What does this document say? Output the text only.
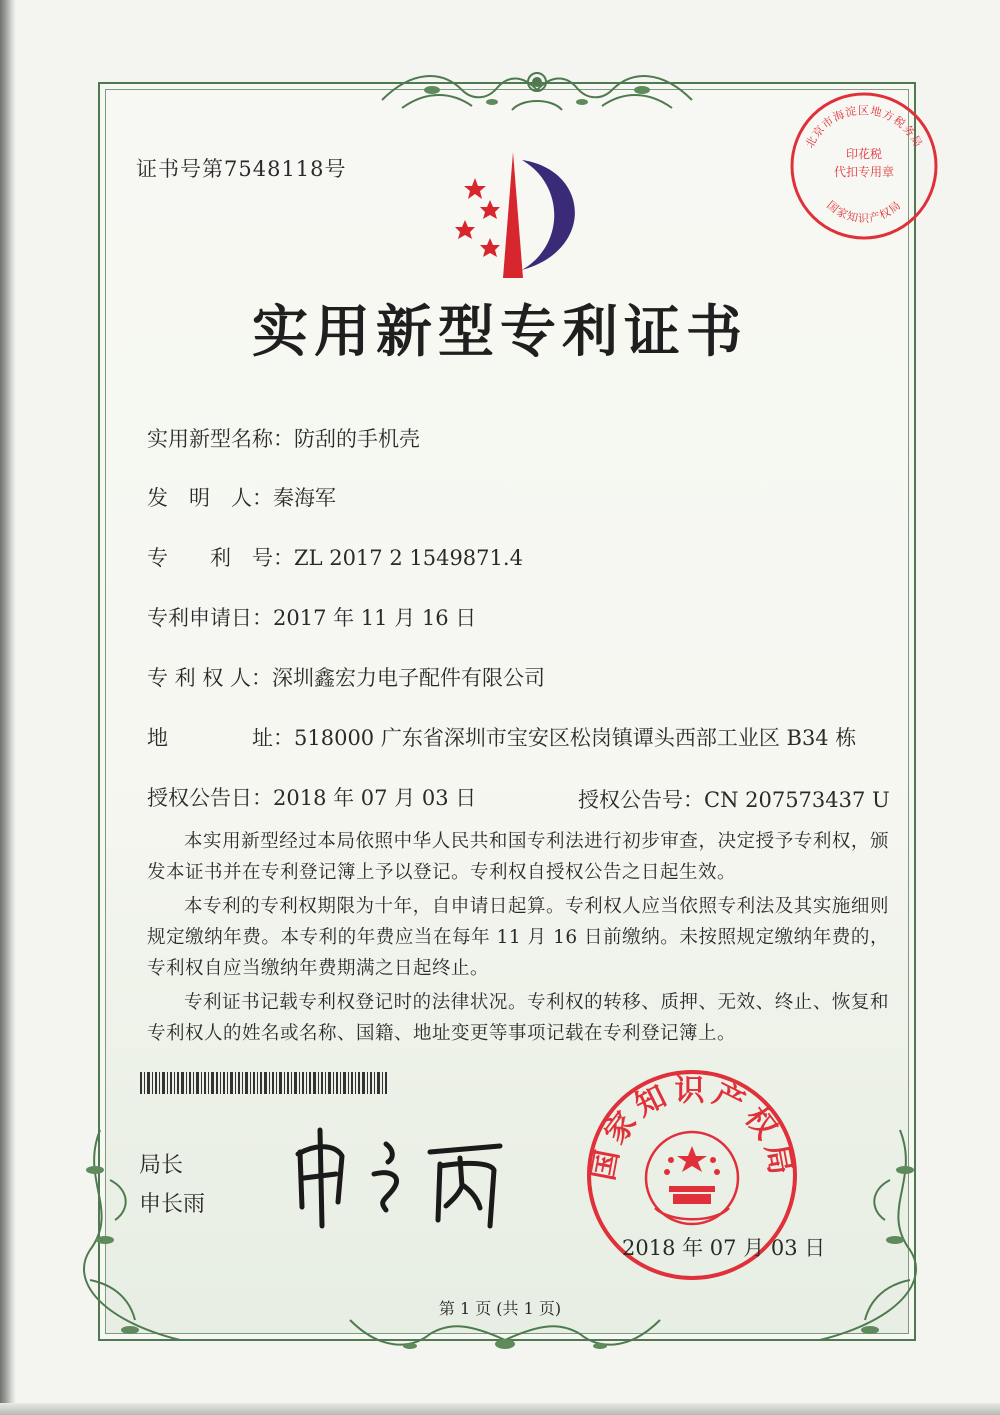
证书号第7548118号
北京市海淀区地方税务局
印花税
代扣专用章
国家知识产权局
实用新型专利证书
实用新型名称：防刮的手机壳
发　明　人：秦海军
专　　利　号：ZL 2017 2 1549871.4
专利申请日：2017 年 11 月 16 日
专 利 权 人：深圳鑫宏力电子配件有限公司
地　　　　址：518000 广东省深圳市宝安区松岗镇谭头西部工业区 B34 栋
授权公告日：2018 年 07 月 03 日	授权公告号：CN 207573437 U

本实用新型经过本局依照中华人民共和国专利法进行初步审查，决定授予专利权，颁发本证书并在专利登记簿上予以登记。专利权自授权公告之日起生效。

本专利的专利权期限为十年，自申请日起算。专利权人应当依照专利法及其实施细则规定缴纳年费。本专利的年费应当在每年 11 月 16 日前缴纳。未按照规定缴纳年费的，专利权自应当缴纳年费期满之日起终止。

专利证书记载专利权登记时的法律状况。专利权的转移、质押、无效、终止、恢复和专利权人的姓名或名称、国籍、地址变更等事项记载在专利登记簿上。

局长
申长雨
国家知识产权局
2018 年 07 月 03 日
第 1 页 (共 1 页)
